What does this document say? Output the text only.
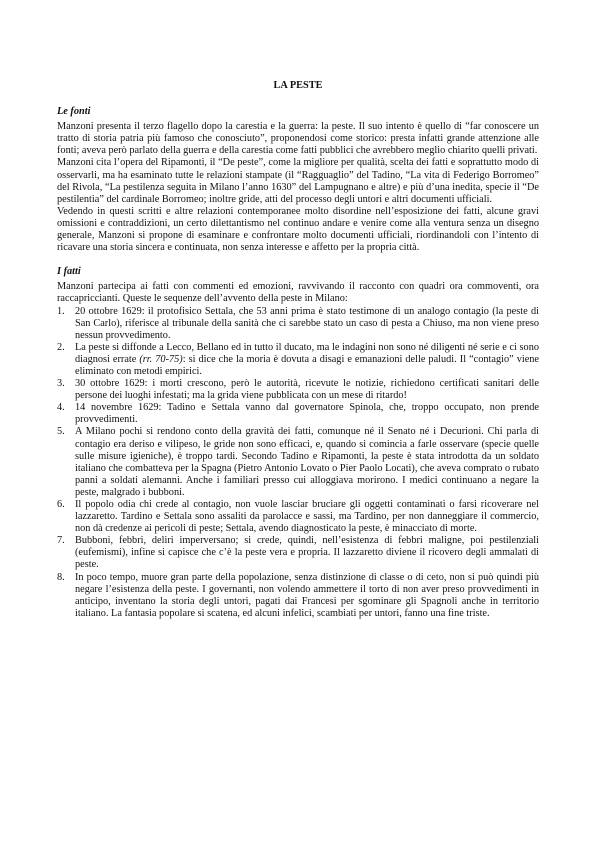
LA PESTE
Le fonti

Manzoni presenta il terzo flagello dopo la carestia e la guerra: la peste. Il suo intento è quello di “far conoscere un tratto di storia patria più famoso che conosciuto”, proponendosi come storico: presta infatti grande attenzione alle fonti; aveva però parlato della guerra e della carestia come fatti pubblici che avrebbero meglio chiarito quelli privati.

Manzoni cita l’opera del Ripamonti, il “De peste”, come la migliore per qualità, scelta dei fatti e soprattutto modo di osservarli, ma ha esaminato tutte le relazioni stampate (il “Ragguaglio” del Tadino, “La vita di Federigo Borromeo” del Rivola, “La pestilenza seguita in Milano l’anno 1630” del Lampugnano e altre) e più d’una inedita, specie il “De pestilentia” del cardinale Borromeo; inoltre gride, atti del processo degli untori e altri documenti ufficiali.

Vedendo in questi scritti e altre relazioni contemporanee molto disordine nell’esposizione dei fatti, alcune gravi omissioni e contraddizioni, un certo dilettantismo nel continuo andare e venire come alla ventura senza un disegno generale, Manzoni si propone di esaminare e confrontare molto documenti ufficiali, riordinandoli con l’intento di ricavare una storia sincera e continuata, non senza interesse e affetto per la propria città.

I fatti

Manzoni partecipa ai fatti con commenti ed emozioni, ravvivando il racconto con quadri ora commoventi, ora raccapriccianti. Queste le sequenze dell’avvento della peste in Milano:

1. 20 ottobre 1629: il protofisico Settala, che 53 anni prima è stato testimone di un analogo contagio (la peste di San Carlo), riferisce al tribunale della sanità che ci sarebbe stato un caso di pesta a Chiuso, ma non viene preso nessun provvedimento.
2. La peste si diffonde a Lecco, Bellano ed in tutto il ducato, ma le indagini non sono né diligenti né serie e ci sono diagnosi errate (rr. 70-75): si dice che la moria è dovuta a disagi e emanazioni delle paludi. Il “contagio” viene eliminato con metodi empirici.
3. 30 ottobre 1629: i morti crescono, però le autorità, ricevute le notizie, richiedono certificati sanitari delle persone dei luoghi infestati; ma la grida viene pubblicata con un mese di ritardo!
4. 14 novembre 1629: Tadino e Settala vanno dal governatore Spinola, che, troppo occupato, non prende provvedimenti.
5. A Milano pochi si rendono conto della gravità dei fatti, comunque né il Senato né i Decurioni. Chi parla di contagio era deriso e vilipeso, le gride non sono efficaci, e, quando si comincia a farle osservare (specie quelle sulle misure igieniche), è troppo tardi. Secondo Tadino e Ripamonti, la peste è stata introdotta da un soldato italiano che combatteva per la Spagna (Pietro Antonio Lovato o Pier Paolo Locati), che aveva comprato o rubato panni a soldati alemanni. Anche i familiari presso cui alloggiava morirono. I medici continuano a negare la peste, malgrado i bubboni.
6. Il popolo odia chi crede al contagio, non vuole lasciar bruciare gli oggetti contaminati o farsi ricoverare nel lazzaretto. Tardino e Settala sono assaliti da parolacce e sassi, ma Tardino, per non danneggiare il commercio, non dà credenze ai pericoli di peste; Settala, avendo diagnosticato la peste, è minacciato di morte.
7. Bubboni, febbri, deliri imperversano; si crede, quindi, nell’esistenza di febbri maligne, poi pestilenziali (eufemismi), infine si capisce che c’è la peste vera e propria. Il lazzaretto diviene il ricovero degli ammalati di peste.
8. In poco tempo, muore gran parte della popolazione, senza distinzione di classe o di ceto, non si può quindi più negare l’esistenza della peste. I governanti, non volendo ammettere il torto di non aver preso provvedimenti in anticipo, inventano la storia degli untori, pagati dai Francesi per sgominare gli Spagnoli anche in territorio italiano. La fantasia popolare si scatena, ed alcuni infelici, scambiati per untori, fanno una fine triste.
